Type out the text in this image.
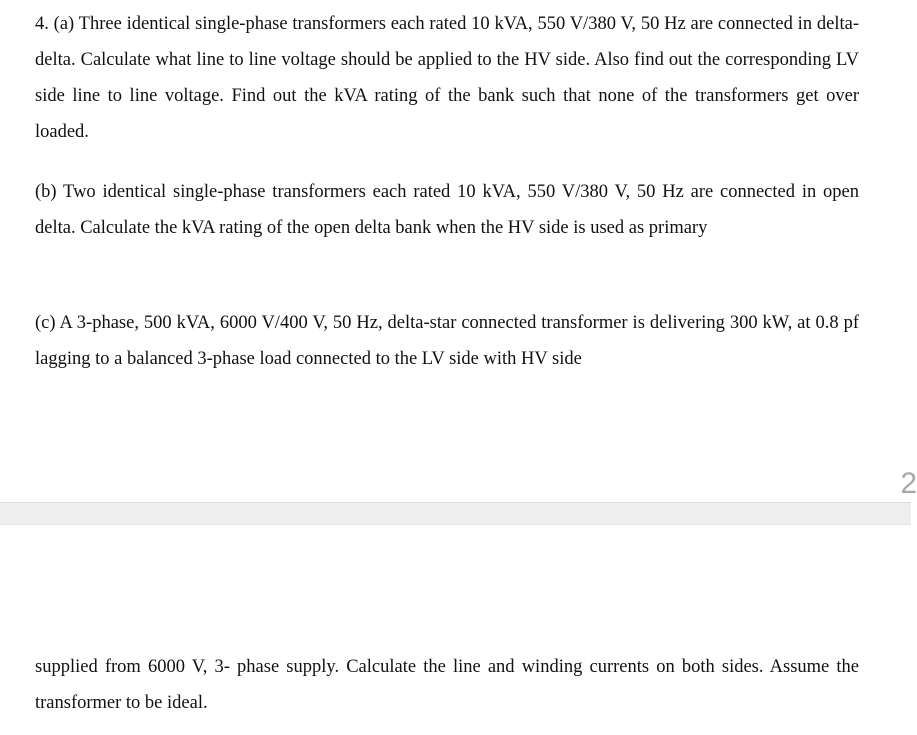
4. (a) Three identical single-phase transformers each rated 10 kVA, 550 V/380 V, 50 Hz are connected in delta-delta. Calculate what line to line voltage should be applied to the HV side. Also find out the corresponding LV side line to line voltage. Find out the kVA rating of the bank such that none of the transformers get over loaded.

(b) Two identical single-phase transformers each rated 10 kVA, 550 V/380 V, 50 Hz are connected in open delta. Calculate the kVA rating of the open delta bank when the HV side is used as primary

(c) A 3-phase, 500 kVA, 6000 V/400 V, 50 Hz, delta-star connected transformer is delivering 300 kW, at 0.8 pf lagging to a balanced 3-phase load connected to the LV side with HV side

2

supplied from 6000 V, 3- phase supply. Calculate the line and winding currents on both sides. Assume the transformer to be ideal.
